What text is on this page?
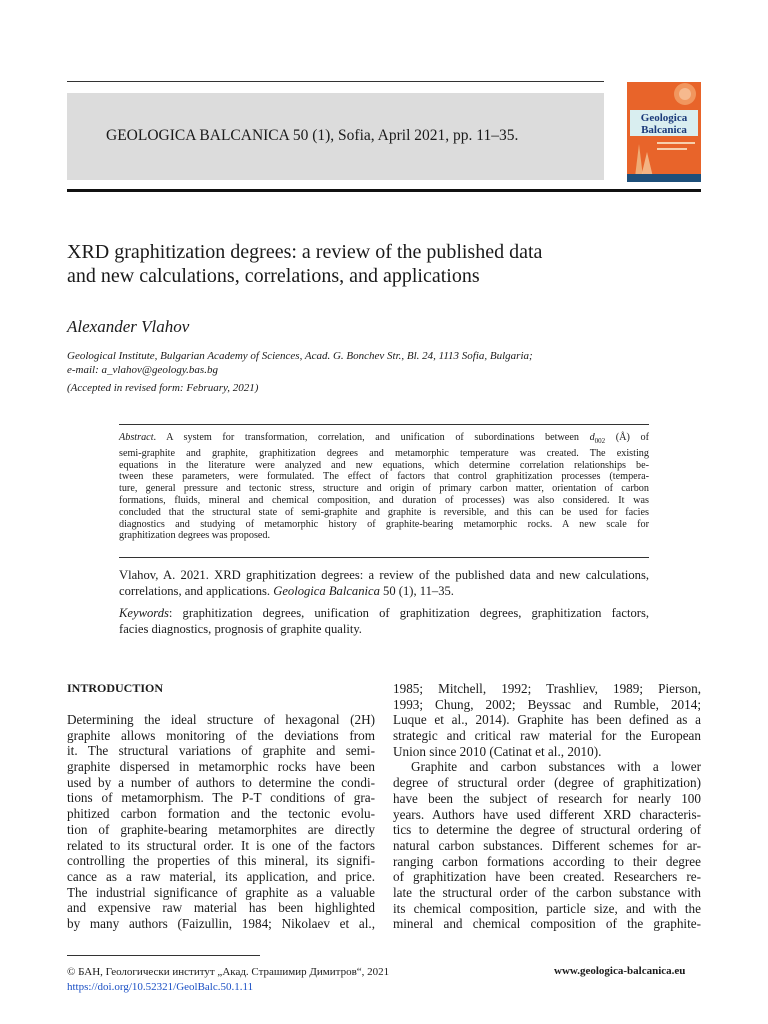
GEOLOGICA BALCANICA 50 (1), Sofia, April 2021, pp. 11–35.
Geologica
Balcanica
XRD graphitization degrees: a review of the published data
and new calculations, correlations, and applications
Alexander Vlahov
Geological Institute, Bulgarian Academy of Sciences, Acad. G. Bonchev Str., Bl. 24, 1113 Sofia, Bulgaria;
e-mail: a_vlahov@geology.bas.bg
(Accepted in revised form: February, 2021)
Abstract. A system for transformation, correlation, and unification of subordinations between $d_{002}$ (Å) of
semi-graphite and graphite, graphitization degrees and metamorphic temperature was created. The existing
equations in the literature were analyzed and new equations, which determine correlation relationships be-
tween these parameters, were formulated. The effect of factors that control graphitization processes (tempera-
ture, general pressure and tectonic stress, structure and origin of primary carbon matter, orientation of carbon
formations, fluids, mineral and chemical composition, and duration of processes) was also considered. It was
concluded that the structural state of semi-graphite and graphite is reversible, and this can be used for facies
diagnostics and studying of metamorphic history of graphite-bearing metamorphic rocks. A new scale for
graphitization degrees was proposed.
Vlahov, A. 2021. XRD graphitization degrees: a review of the published data and new calculations,
correlations, and applications. Geologica Balcanica 50 (1), 11–35.
Keywords: graphitization degrees, unification of graphitization degrees, graphitization factors,
facies diagnostics, prognosis of graphite quality.
INTRODUCTION
Determining the ideal structure of hexagonal (2H)
graphite allows monitoring of the deviations from
it. The structural variations of graphite and semi-
graphite dispersed in metamorphic rocks have been
used by a number of authors to determine the condi-
tions of metamorphism. The P-T conditions of gra-
phitized carbon formation and the tectonic evolu-
tion of graphite-bearing metamorphites are directly
related to its structural order. It is one of the factors
controlling the properties of this mineral, its signifi-
cance as a raw material, its application, and price.
The industrial significance of graphite as a valuable
and expensive raw material has been highlighted
by many authors (Faizullin, 1984; Nikolaev et al.,
1985; Mitchell, 1992; Trashliev, 1989; Pierson,
1993; Chung, 2002; Beyssac and Rumble, 2014;
Luque et al., 2014). Graphite has been defined as a
strategic and critical raw material for the European
Union since 2010 (Catinat et al., 2010).
Graphite and carbon substances with a lower
degree of structural order (degree of graphitization)
have been the subject of research for nearly 100
years. Authors have used different XRD characteris-
tics to determine the degree of structural ordering of
natural carbon substances. Different schemes for ar-
ranging carbon formations according to their degree
of graphitization have been created. Researchers re-
late the structural order of the carbon substance with
its chemical composition, particle size, and with the
mineral and chemical composition of the graphite-
© БАН, Геологически институт „Акад. Страшимир Димитров“, 2021
https://doi.org/10.52321/GeolBalc.50.1.11
www.geologica-balcanica.eu
